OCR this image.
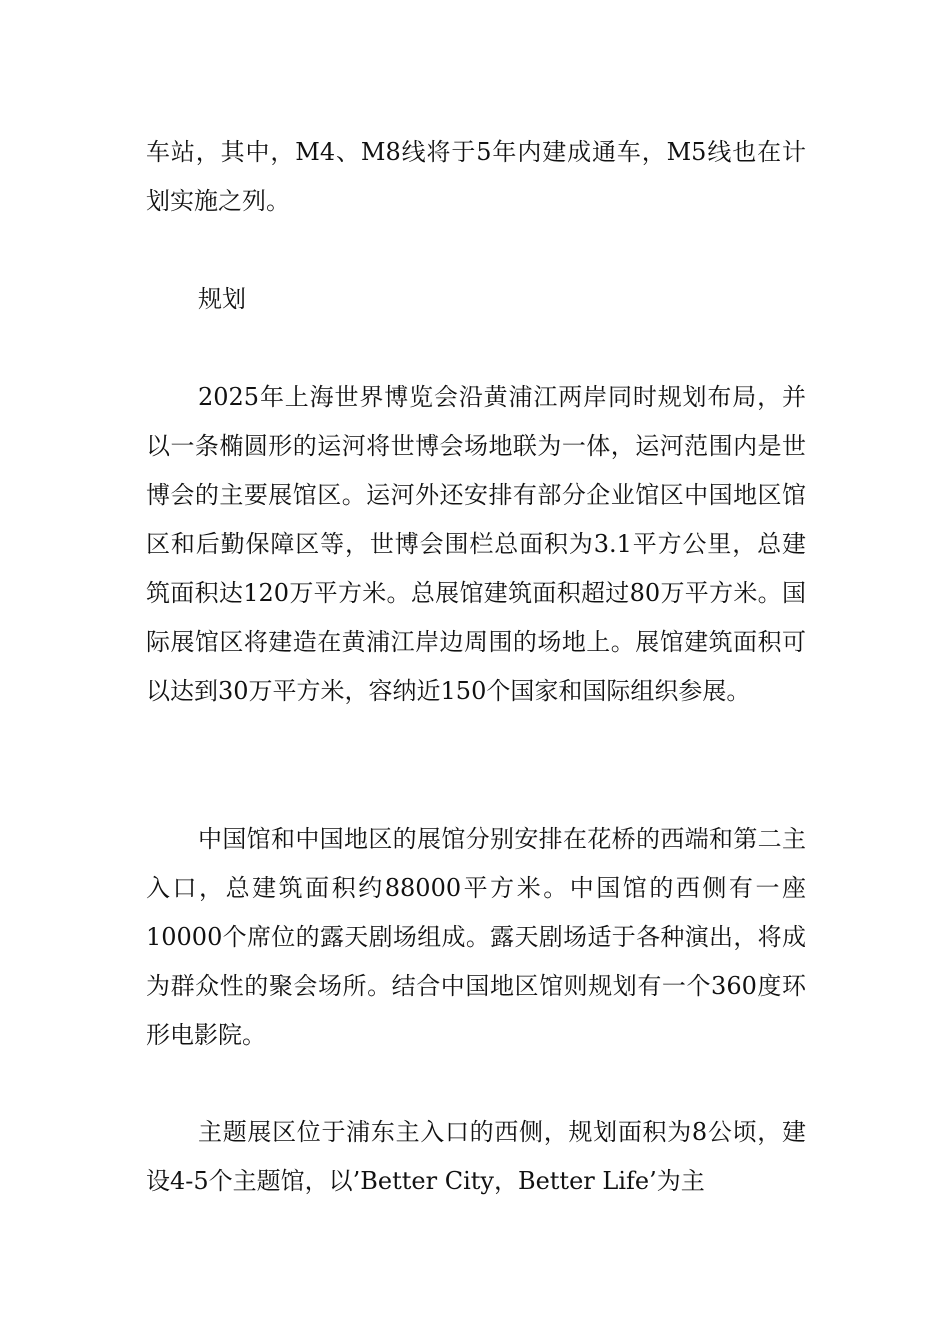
车站，其中，M4、M8线将于5年内建成通车，M5线也在计划实施之列。

规划

2025年上海世界博览会沿黄浦江两岸同时规划布局，并以一条椭圆形的运河将世博会场地联为一体，运河范围内是世博会的主要展馆区。运河外还安排有部分企业馆区中国地区馆区和后勤保障区等，世博会围栏总面积为3.1平方公里，总建筑面积达120万平方米。总展馆建筑面积超过80万平方米。国际展馆区将建造在黄浦江岸边周围的场地上。展馆建筑面积可以达到30万平方米，容纳近150个国家和国际组织参展。

中国馆和中国地区的展馆分别安排在花桥的西端和第二主入口，总建筑面积约88000平方米。中国馆的西侧有一座10000个席位的露天剧场组成。露天剧场适于各种演出，将成为群众性的聚会场所。结合中国地区馆则规划有一个360度环形电影院。

主题展区位于浦东主入口的西侧，规划面积为8公顷，建设4-5个主题馆，以’Better City，Better Life’为主
